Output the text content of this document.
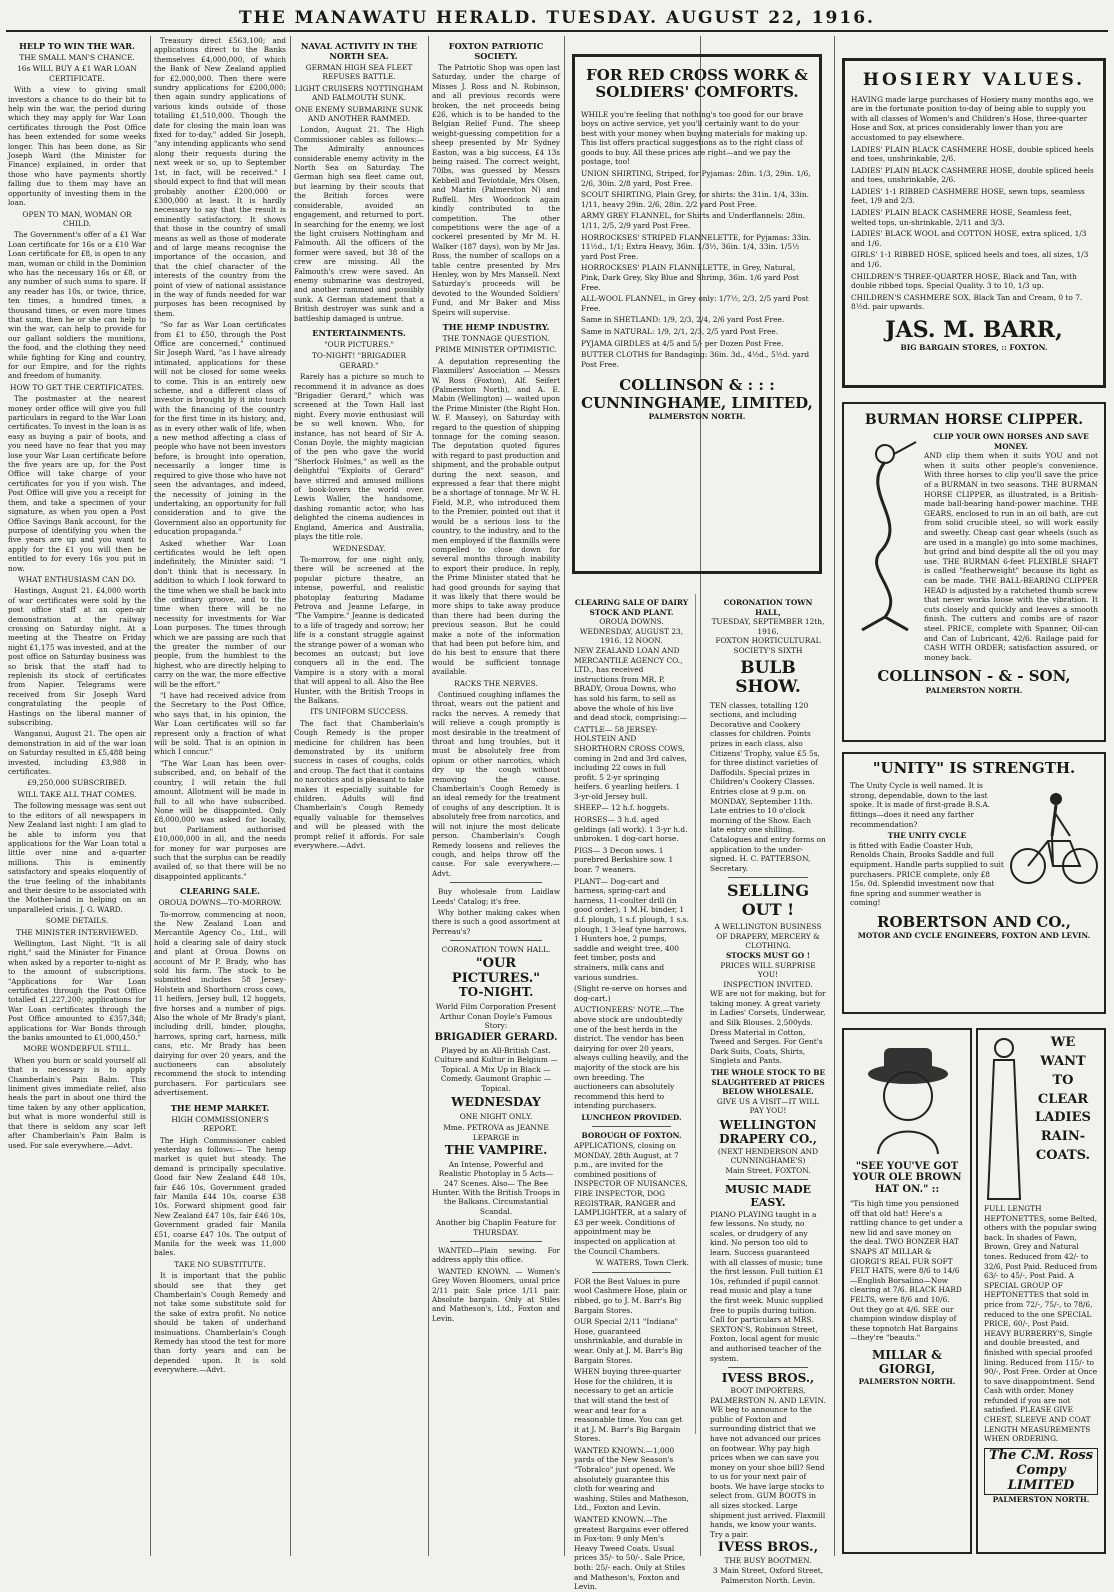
THE MANAWATU HERALD. TUESDAY. AUGUST 22, 1916.
HELP TO WIN THE WAR.
THE SMALL MAN'S CHANCE.
16s WILL BUY A £1 WAR LOAN CERTIFICATE.

With a view to giving small investors a chance to do their bit to help win the war, the period during which they may apply for War Loan certificates through the Post Office has been extended for some weeks longer. This has been done, as Sir Joseph Ward (the Minister for Finance) explained, in order that those who have payments shortly falling due to them may have an opportunity of investing them in the loan.

OPEN TO MAN, WOMAN OR CHILD.

The Government's offer of a £1 War Loan certificate for 16s or a £10 War Loan certificate for £8, is open to any man, woman or child in the Dominion who has the necessary 16s or £8, or any number of such sums to spare. If any reader has 10s, or twice, thrice, ten times, a hundred times, a thousand times, or even more times that sum, then he or she can help to win the war, can help to provide for our gallant soldiers the munitions, the food, and the clothing they need while fighting for King and country, for our Empire, and for the rights and freedom of humanity.

HOW TO GET THE CERTIFICATES.

The postmaster at the nearest money order office will give you full particulars in regard to the War Loan certificates. To invest in the loan is as easy as buying a pair of boots, and you need have no fear that you may lose your War Loan certificate before the five years are up, for the Post Office will take charge of your certificates for you if you wish. The Post Office will give you a receipt for them, and take a specimen of your signature, as when you open a Post Office Savings Bank account, for the purpose of identifying you when the five years are up and you want to apply for the £1 you will then be entitled to for every 16s you put in now.

WHAT ENTHUSIASM CAN DO.

Hastings, August 21. £4,000 worth of war certificates were sold by the post office staff at an open-air demonstration at the railway crossing on Saturday night. At a meeting at the Theatre on Friday night £1,175 was invested, and at the post office on Saturday business was so brisk that the staff had to replenish its stock of certificates from Napier. Telegrams were received from Sir Joseph Ward congratulating the people of Hastings on the liberal manner of subscribing.

Wanganui, August 21. The open air demonstration in aid of the war loan on Saturday resulted in £5,488 being invested, including £3,988 in certificates.

£9,250,000 SUBSCRIBED.
WILL TAKE ALL THAT COMES.

The following message was sent out to the editors of all newspapers in New Zealand last night: I am glad to be able to inform you that applications for the War Loan total a little over nine and a-quarter millions. This is eminently satisfactory and speaks eloquently of the true feeling of the inhabitants and their desire to be associated with the Mother-land in helping on an unparalleled crisis. J. G. WARD.

SOME DETAILS.
THE MINISTER INTERVIEWED.

Wellington, Last Night. "It is all right," said the Minister for Finance when asked by a reporter to-night as to the amount of subscriptions. "Applications for War Loan certificates through the Post Office totalled £1,227,200; applications for War Loan certificates through the Post Office amounted to £357,348; applications for War Bonds through the banks amounted to £1,000,450."

MORE WONDERFUL STILL.

When you burn or scald yourself all that is necessary is to apply Chamberlain's Pain Balm. This liniment gives immediate relief, also heals the part in about one third the time taken by any other application, but what is more wonderful still is that there is seldom any scar left after Chamberlain's Pain Balm is used. For sale everywhere.—Advt.

Treasury direct £563,100; and applications direct to the Banks themselves £4,000,000, of which the Bank of New Zealand applied for £2,000,000. Then there were sundry applications for £200,000; then again sundry applications of various kinds outside of those totalling £1,510,000. Though the date for closing the main loan was fixed for to-day," added Sir Joseph, "any intending applicants who send along their requests during the next week or so, up to September 1st, in fact, will be received." I should expect to find that will mean probably another £200,000 or £300,000 at least. It is hardly necessary to say that the result is eminently satisfactory. It shows that those in the country of small means as well as those of moderate and of large means recognise the importance of the occasion, and that the chief character of the interests of the country from the point of view of national assistance in the way of funds needed for war purposes has been recognised by them.

"So far as War Loan certificates from £1 to £50, through the Post Office are concerned," continued Sir Joseph Ward, "as I have already intimated, applications for these will not be closed for some weeks to come. This is an entirely new scheme, and a different class of investor is brought by it into touch with the financing of the country for the first time in its history, and, as in every other walk of life, when a new method affecting a class of people who have not been investors before, is brought into operation, necessarily a longer time is required to give those who have not seen the advantages, and indeed, the necessity of joining in the undertaking, an opportunity for full consideration and to give the Government also an opportunity for education propaganda."

Asked whether War Loan certificates would be left open indefinitely, the Minister said: "I don't think that is necessary. In addition to which I look forward to the time when we shall be back into the ordinary groove, and to the time when there will be no necessity for investments for War Loan purposes. The times through which we are passing are such that the greater the number of our people, from the humblest to the highest, who are directly helping to carry on the war, the more effective will be the effort."

"I have had received advice from the Secretary to the Post Office, who says that, in his opinion, the War Loan certificates will so far represent only a fraction of what will be sold. That is an opinion in which I concur."

"The War Loan has been over-subscribed, and, on behalf of the country, I will retain the full amount. Allotment will be made in full to all who have subscribed. None will be disappointed. Only £8,000,000 was asked for locally, but Parliament authorised £10,000,000 in all, and the needs for money for war purposes are such that the surplus can be readily availed of, so that there will be no disappointed applicants."

CLEARING SALE.
OROUA DOWNS—TO-MORROW.

To-morrow, commencing at noon, the New Zealand Loan and Mercantile Agency Co., Ltd., will hold a clearing sale of dairy stock and plant at Oroua Downs on account of Mr P. Brady, who has sold his farm. The stock to be submitted includes 58 Jersey-Holstein and Shorthorn cross cows, 11 heifers, Jersey bull, 12 hoggets, five horses and a number of pigs. Also the whole of Mr Brady's plant, including drill, binder, ploughs, harrows, spring cart, harness, milk cans, etc. Mr Brady has been dairying for over 20 years, and the auctioneers can absolutely recommend the stock to intending purchasers. For particulars see advertisement.

THE HEMP MARKET.
HIGH COMMISSIONER'S REPORT.

The High Commissioner cabled yesterday as follows:— The hemp market is quiet but steady. The demand is principally speculative. Good fair New Zealand £48 10s, fair £46 10s, Government graded fair Manila £44 10s, coarse £38 10s. Forward shipment good fair New Zealand £47 10s, fair £46 10s, Government graded fair Manila £51, coarse £47 10s. The output of Manila for the week was 11,000 bales.

TAKE NO SUBSTITUTE.

It is important that the public should see that they get Chamberlain's Cough Remedy and not take some substitute sold for the sake of extra profit. No notice should be taken of underhand insinuations. Chamberlain's Cough Remedy has stood the test for more than forty years and can be depended upon. It is sold everywhere.—Advt.

NAVAL ACTIVITY IN THE NORTH SEA.
GERMAN HIGH SEA FLEET REFUSES BATTLE.
LIGHT CRUISERS NOTTINGHAM AND FALMOUTH SUNK.
ONE ENEMY SUBMARINE SUNK AND ANOTHER RAMMED.

London, August 21. The High Commissioner cables as follows:— The Admiralty announces considerable enemy activity in the North Sea on Saturday. The German high sea fleet came out, but learning by their scouts that the British forces were considerable, avoided an engagement, and returned to port. In searching for the enemy, we lost the light cruisers Nottingham and Falmouth. All the officers of the former were saved, but 38 of the crew are missing. All the Falmouth's crew were saved. An enemy submarine was destroyed, and another rammed and possibly sunk. A German statement that a British destroyer was sunk and a battleship damaged is untrue.

ENTERTAINMENTS.
"OUR PICTURES."
TO-NIGHT! "BRIGADIER GERARD."

Rarely has a picture so much to recommend it in advance as does "Brigadier Gerard," which was screened at the Town Hall last night. Every movie enthusiast will be so well known. Who, for instance, has not heard of Sir A. Conan Doyle, the mighty magician of the pen who gave the world "Sherlock Holmes," as well as the delightful "Exploits of Gerard" have stirred and amused millions of book-lovers the world over. Lewis Waller, the handsome, dashing romantic actor, who has delighted the cinema audiences in England, America and Australia, plays the title role.

WEDNESDAY.

To-morrow, for one night only, there will be screened at the popular picture theatre, an intense, powerful, and realistic photoplay featuring Madame Petrova and Jeanne Lefarge, in "The Vampire." Jeanne is dedicated to a life of tragedy and sorrow; her life is a constant struggle against the strange power of a woman who becomes an outcast; but love conquers all in the end. The Vampire is a story with a moral that will appeal to all. Also the Bee Hunter, with the British Troops in the Balkans.

ITS UNIFORM SUCCESS.

The fact that Chamberlain's Cough Remedy is the proper medicine for children has been demonstrated by its uniform success in cases of coughs, colds and croup. The fact that it contains no narcotics and is pleasant to take makes it especially suitable for children. Adults will find Chamberlain's Cough Remedy equally valuable for themselves and will be pleased with the prompt relief it affords. For sale everywhere.—Advt.

FOXTON PATRIOTIC SOCIETY.

The Patriotic Shop was open last Saturday, under the charge of Misses J. Ross and N. Robinson, and all previous records were broken, the net proceeds being £26, which is to be handed to the Belgian Relief Fund. The sheep weight-guessing competition for a sheep presented by Mr Sydney Easton, was a big success, £4 13s being raised. The correct weight, 70lbs, was guessed by Messrs Kebbell and Teviotdale, Mrs Olsen, and Martin (Palmerston N) and Ruffell. Mrs Woodcock again kindly contributed to the competition. The other competitions were the age of a cockerel presented by Mr M. H. Walker (187 days), won by Mr Jas. Ross, the number of scallops on a table centre presented by Mrs Henley, won by Mrs Mansell. Next Saturday's proceeds will be devoted to the Wounded Soldiers' Fund, and Mr Baker and Miss Speirs will supervise.

THE HEMP INDUSTRY.
THE TONNAGE QUESTION.
PRIME MINISTER OPTIMISTIC.

A deputation representing the Flaxmillers' Association — Messrs W. Ross (Foxton), Alf. Seifert (Palmerston North), and A. E. Mabin (Wellington) — waited upon the Prime Minister (the Right Hon. W. F. Massey), on Saturday with regard to the question of shipping tonnage for the coming season. The deputation quoted figures with regard to past production and shipment, and the probable output during the next season, and expressed a fear that there might be a shortage of tonnage. Mr W. H. Field, M.P., who introduced them to the Premier, pointed out that it would be a serious loss to the country, to the industry, and to the men employed if the flaxmills were compelled to close down for several months through inability to export their produce. In reply, the Prime Minister stated that he had good grounds for saying that it was likely that there would be more ships to take away produce than there had been during the previous season. But he could make a note of the information that had been put before him, and do his best to ensure that there would be sufficient tonnage available.

RACKS THE NERVES.

Continued coughing inflames the throat, wears out the patient and racks the nerves. A remedy that will relieve a cough promptly is most desirable in the treatment of throat and lung troubles, but it must be absolutely free from opium or other narcotics, which dry up the cough without removing the cause. Chamberlain's Cough Remedy is an ideal remedy for the treatment of coughs of any description. It is absolutely free from narcotics, and will not injure the most delicate person. Chamberlain's Cough Remedy loosens and relieves the cough, and helps throw off the cause. For sale everywhere.—Advt.

Buy wholesale from Laidlaw Leeds' Catalog; it's free.

Why bother making cakes when there is such a good assortment at Perreau's?

CORONATION TOWN HALL.
"OUR PICTURES."
TO-NIGHT.
World Film Corporation Present Arthur Conan Doyle's Famous Story:
BRIGADIER GERARD.
Played by an All-British Cast. Culture and Kultur in Belgium —Topical. A Mix Up in Black —Comedy. Gaumont Graphic —Topical.
WEDNESDAY
ONE NIGHT ONLY.
Mme. PETROVA as JEANNE LEPARGE in
THE VAMPIRE.
An Intense, Powerful and Realistic Photoplay in 5 Acts—247 Scenes. Also— The Bee Hunter. With the British Troops in the Balkans. Circumstantial Scandal.
Another big Chaplin Feature for THURSDAY.

WANTED—Plain sewing. For address apply this office.

WANTED KNOWN. — Women's Grey Woven Bloomers, usual price 2/11 pair. Sale price 1/11 pair. Absolute bargain. Only at Stiles and Matheson's, Ltd., Foxton and Levin.

FOR RED CROSS WORK & SOLDIERS' COMFORTS.

WHILE you're feeling that nothing's too good for our brave boys on active service, yet you'll certainly want to do your best with your money when buying materials for making up. This list offers practical suggestions as to the right class of goods to buy. All these prices are right—and we pay the postage, too!

UNION SHIRTING, Striped, for Pyjamas: 28in. 1/3, 29in. 1/6, 2/6, 30in. 2/8 yard, Post Free.

SCOUT SHIRTING, Plain Grey, for shirts: the 31in. 1/4, 33in. 1/11, heavy 29in. 2/6, 28in. 2/2 yard Post Free.

ARMY GREY FLANNEL, for Shirts and Underflannels: 28in. 1/11, 2/5, 2/9 yard Post Free.

HORROCKSES' STRIPED FLANNELETTE, for Pyjamas: 33in. 11½d., 1/1; Extra Heavy, 36in. 1/3½, 36in. 1/4, 33in. 1/5½ yard Post Free.

HORROCKSES' PLAIN FLANNELETTE, in Grey, Natural, Pink, Dark Grey, Sky Blue and Shrimp, 36in. 1/6 yard Post Free.

ALL-WOOL FLANNEL, in Grey only: 1/7½, 2/3, 2/5 yard Post Free.

Same in SHETLAND: 1/9, 2/3, 2/4, 2/6 yard Post Free.

Same in NATURAL: 1/9, 2/1, 2/3, 2/5 yard Post Free.

PYJAMA GIRDLES at 4/5 and 5/- per Dozen Post Free.

BUTTER CLOTHS for Bandaging: 36in. 3d., 4½d., 5½d. yard Post Free.

COLLINSON & : : : CUNNINGHAME, LIMITED,
PALMERSTON NORTH.
HOSIERY VALUES.

HAVING made large purchases of Hosiery many months ago, we are in the fortunate position to-day of being able to supply you with all classes of Women's and Children's Hose, three-quarter Hose and Sox, at prices considerably lower than you are accustomed to pay elsewhere.

LADIES' PLAIN BLACK CASHMERE HOSE, double spliced heels and toes, unshrinkable, 2/6.

LADIES' PLAIN BLACK CASHMERE HOSE, double spliced heels and toes, unshrinkable, 2/6.

LADIES' 1-1 RIBBED CASHMERE HOSE, sewn tops, seamless feet, 1/9 and 2/3.

LADIES' PLAIN BLACK CASHMERE HOSE, Seamless feet, welted tops, un-shrinkable, 2/11 and 3/3.

LADIES' BLACK WOOL and COTTON HOSE, extra spliced, 1/3 and 1/6.

GIRLS' 1-1 RIBBED HOSE, spliced heels and toes, all sizes, 1/3 and 1/6.

CHILDREN'S THREE-QUARTER HOSE, Black and Tan, with double ribbed tops. Special Quality. 3 to 10, 1/3 up.

CHILDREN'S CASHMERE SOX, Black Tan and Cream, 0 to 7. 8½d. pair upwards.

JAS. M. BARR,
BIG BARGAIN STORES, :: FOXTON.
BURMAN HORSE CLIPPER.
CLIP YOUR OWN HORSES AND SAVE MONEY.

AND clip them when it suits YOU and not when it suits other people's convenience. With three horses to clip you'll save the price of a BURMAN in two seasons. THE BURMAN HORSE CLIPPER, as illustrated, is a British-made ball-bearing hand-power machine. THE GEARS, enclosed to run in an oil bath, are cut from solid crucible steel, so will work easily and sweetly. Cheap cast gear wheels (such as are used in a mangle) go into some machines, but grind and bind despite all the oil you may use. THE BURMAN 6-feet FLEXIBLE SHAFT is called "featherweight" because its light as can be made. THE BALL-BEARING CLIPPER HEAD is adjusted by a ratcheted thumb screw that never works loose with the vibration. It cuts closely and quickly and leaves a smooth finish. The cutters and combs are of razor steel. PRICE, complete with Spanner, Oil-can and Can of Lubricant, 42/6. Railage paid for CASH WITH ORDER; satisfaction assured, or money back.

COLLINSON - & - SON,
PALMERSTON NORTH.
"UNITY" IS STRENGTH.

The Unity Cycle is well named. It is strong, dependable, down to the last spoke. It is made of first-grade B.S.A. fittings—does it need any farther recommendation?

THE UNITY CYCLE

is fitted with Eadie Coaster Hub, Renolds Chain, Brooks Saddle and full equipment. Handle parts supplied to suit purchasers. PRICE complete, only £8 15s. 0d. Splendid investment now that fine spring and summer weather is coming!

ROBERTSON AND CO.,
MOTOR AND CYCLE ENGINEERS, FOXTON AND LEVIN.
"SEE YOU'VE GOT YOUR OLE BROWN HAT ON." ::

"Tis high time you pensioned off that old hat! Here's a rattling chance to get under a new lid and save money on the deal. TWO BONZER HAT SNAPS AT MILLAR & GIORGI'S REAL FUR SOFT FELT HATS, were 8/6 to 14/6—English Borsalino—Now clearing at 7/6. BLACK HARD FELTS, were 8/6 and 10/6. Out they go at 4/6. SEE our champion window display of these topnotch Hat Bargains—they're "beauts."

MILLAR & GIORGI,
PALMERSTON NORTH.
WE WANT TO CLEAR LADIES RAIN-COATS.

FULL LENGTH HEPTONETTES, some Belted, others with the popular swing back. In shades of Fawn, Brown, Grey and Natural tones. Reduced from 42/- to 32/6, Post Paid. Reduced from 63/- to 45/-, Post Paid. A SPECIAL GROUP OF HEPTONETTES that sold in price from 72/-, 75/-, to 78/6, reduced to the one SPECIAL PRICE, 60/-, Post Paid. HEAVY BURBERRY'S, Single and double breasted, and finished with special proofed lining. Reduced from 115/- to 90/-, Post Free. Order at Once to save disappointment. Send Cash with order. Money refunded if you are not satisfied. PLEASE GIVE CHEST, SLEEVE AND COAT LENGTH MEASUREMENTS WHEN ORDERING.

The C.M. Ross Compy LIMITED
PALMERSTON NORTH.
CLEARING SALE OF DAIRY STOCK AND PLANT.
OROUA DOWNS.
WEDNESDAY, AUGUST 23, 1916. 12 NOON.

NEW ZEALAND LOAN AND MERCANTILE AGENCY CO., LTD., has received instructions from MR. P. BRADY, Oroua Downs, who has sold his farm, to sell as above the whole of his live and dead stock, comprising:—

CATTLE— 58 JERSEY-HOLSTEIN AND SHORTHORN CROSS COWS, coming in 2nd and 3rd calves, including 22 cows in full profit. 5 2-yr springing heifers. 6 yearling heifers. 1 3-yr-old Jersey bull.

SHEEP— 12 h.f. hoggets.

HORSES— 3 h.d. aged geldings (all work). 1 3-yr h.d. unbroken. 1 dog-cart horse.

PIGS— 3 Decon sows. 1 purebred Berkshire sow. 1 boar. 7 weaners.

PLANT— Dog-cart and harness, spring-cart and harness, 11-coulter drill (in good order), 1 M.H. binder, 1 d.f. plough, 1 s.f. plough, 1 s.s. plough, 1 3-leaf tyne harrows, 1 Hunters hoe, 2 pumps, saddle and weight tree, 400 feet timber, posts and strainers, milk cans and various sundries.

(Slight re-serve on horses and dog-cart.)

AUCTIONEERS' NOTE.—The above stock are undoubtedly one of the best herds in the district. The vendor has been dairying for over 20 years, always culling heavily, and the majority of the stock are his own breeding. The auctioneers can absolutely recommend this herd to intending purchasers.

LUNCHEON PROVIDED.
BOROUGH OF FOXTON.

APPLICATIONS, closing on MONDAY, 28th August, at 7 p.m., are invited for the combined positions of INSPECTOR OF NUISANCES, FIRE INSPECTOR, DOG REGISTRAR, RANGER and LAMPLIGHTER, at a salary of £3 per week. Conditions of appointment may be inspected on application at the Council Chambers.

W. WATERS, Town Clerk.

FOR the Best Values in pure wool Cashmere Hose, plain or ribbed, go to J. M. Barr's Big Bargain Stores.

OUR Special 2/11 "Indiana" Hose, guaranteed unshrinkable, and durable in wear. Only at J. M. Barr's Big Bargain Stores.

WHEN buying three-quarter Hose for the children, it is necessary to get an article that will stand the test of wear and tear for a reasonable time. You can get it at J. M. Barr's Big Bargain Stores.

WANTED KNOWN.—1,000 yards of the New Season's "Tobralco" just opened. We absolutely guarantee this cloth for wearing and washing. Stiles and Matheson, Ltd., Foxton and Levin.

WANTED KNOWN.—The greatest Bargains ever offered in Fox-ton: 9 only Men's Heavy Tweed Coats. Usual prices 35/- to 50/-. Sale Price, both: 25/- each. Only at Stiles and Matheson's, Foxton and Levin.

CORONATION TOWN HALL,
TUESDAY, SEPTEMBER 12th, 1916.
FOXTON HORTICULTURAL SOCIETY'S SIXTH
BULB SHOW.

TEN classes, totalling 120 sections, and including Decorative and Cookery classes for children. Points prizes in each class, also Citizens' Trophy, value £5 5s, for three distinct varieties of Daffodils. Special prizes in Children's Cookery Classes. Entries close at 9 p.m. on MONDAY, September 11th. Late entries to 10 o'clock morning of the Show. Each late entry one shilling. Catalogues and entry forms on application to the under-signed. H. C. PATTERSON, Secretary.

SELLING OUT !
A WELLINGTON BUSINESS OF DRAPERY, MERCERY & CLOTHING.
STOCKS MUST GO !
PRICES WILL SURPRISE YOU!
INSPECTION INVITED.

WE are not for making, but for taking money. A great variety in Ladies' Corsets, Underwear, and Silk Blouses. 2,500yds. Dress Material in Cotton, Tweed and Serges. For Gent's Dark Suits, Coats, Shirts, Singlets and Pants.

THE WHOLE STOCK TO BE SLAUGHTERED AT PRICES BELOW WHOLESALE.
GIVE US A VISIT—IT WILL PAY YOU!
WELLINGTON DRAPERY CO.,
(NEXT HENDERSON AND CUNNINGHAME'S)
Main Street, FOXTON.
MUSIC MADE EASY.

PIANO PLAYING taught in a few lessons. No study, no scales, or drudgery of any kind. No person too old to learn. Success guaranteed with all classes of music; tune the first lesson. Full tuition £1 10s, refunded if pupil cannot read music and play a tune the first week. Music supplied free to pupils during tuition. Call for particulars at MRS. SEXTON'S, Robinson Street, Foxton, local agent for music and authorised teacher of the system.

IVESS BROS.,
BOOT IMPORTERS, PALMERSTON N. AND LEVIN.

WE beg to announce to the public of Foxton and surrounding district that we have not advanced our prices on footwear. Why pay high prices when we can save you money on your shoe bill? Send to us for your next pair of boots. We have large stocks to select from. GUM BOOTS in all sizes stocked. Large shipment just arrived. Flaxmill hands, we know your wants. Try a pair.

IVESS BROS.,
THE BUSY BOOTMEN.
3 Main Street, Oxford Street, Palmerston North. Levin.
